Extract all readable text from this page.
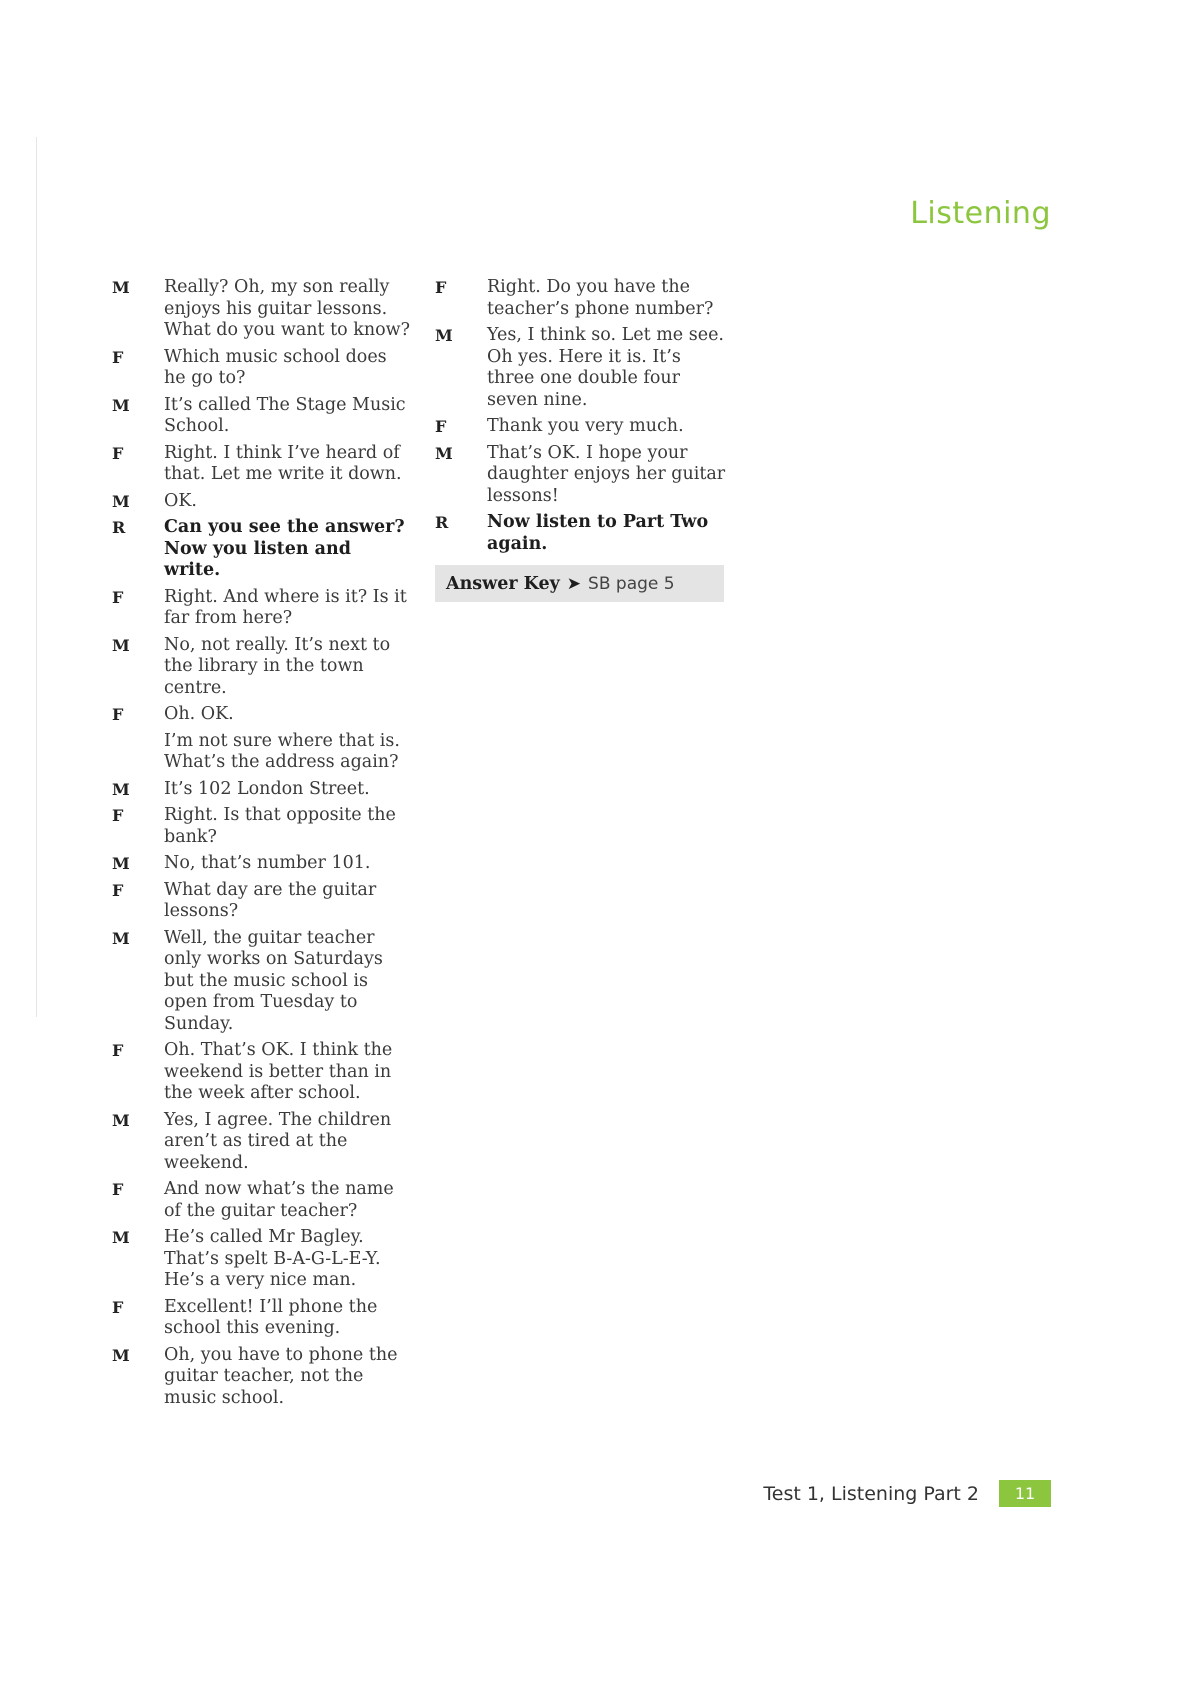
Listening
M	Really? Oh, my son really enjoys his guitar lessons. What do you want to know?
F	Which music school does he go to?
M	It’s called The Stage Music School.
F	Right. I think I’ve heard of that. Let me write it down.
M	OK.
R	Can you see the answer? Now you listen and write.
F	Right. And where is it? Is it far from here?
M	No, not really. It’s next to the library in the town centre.
F	Oh. OK.
I’m not sure where that is. What’s the address again?
M	It’s 102 London Street.
F	Right. Is that opposite the bank?
M	No, that’s number 101.
F	What day are the guitar lessons?
M	Well, the guitar teacher only works on Saturdays but the music school is open from Tuesday to Sunday.
F	Oh. That’s OK. I think the weekend is better than in the week after school.
M	Yes, I agree. The children aren’t as tired at the weekend.
F	And now what’s the name of the guitar teacher?
M	He’s called Mr Bagley. That’s spelt B-A-G-L-E-Y. He’s a very nice man.
F	Excellent! I’ll phone the school this evening.
M	Oh, you have to phone the guitar teacher, not the music school.
F	Right. Do you have the teacher’s phone number?
M	Yes, I think so. Let me see. Oh yes. Here it is. It’s three one double four seven nine.
F	Thank you very much.
M	That’s OK. I hope your daughter enjoys her guitar lessons!
R	Now listen to Part Two again.
Answer Key ➤ SB page 5
Test 1, Listening Part 2	11
